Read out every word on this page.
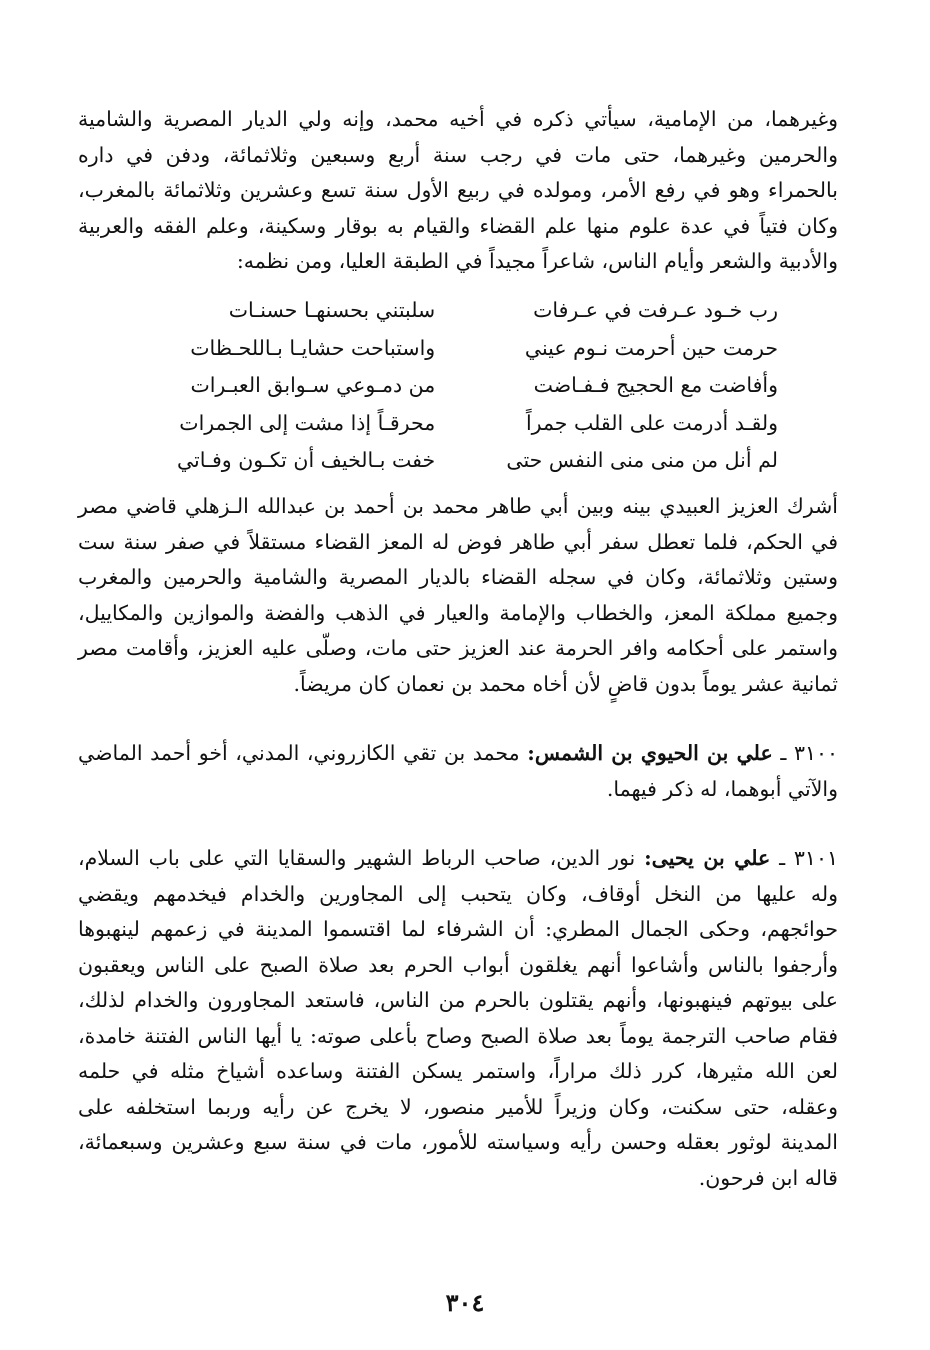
وغيرهما، من الإمامية، سيأتي ذكره في أخيه محمد، وإنه ولي الديار المصرية والشامية والحرمين وغيرهما، حتى مات في رجب سنة أربع وسبعين وثلاثمائة، ودفن في داره بالحمراء وهو في رفع الأمر، ومولده في ربيع الأول سنة تسع وعشرين وثلاثمائة بالمغرب، وكان فتياً في عدة علوم منها علم القضاء والقيام به بوقار وسكينة، وعلم الفقه والعربية والأدبية والشعر وأيام الناس، شاعراً مجيداً في الطبقة العليا، ومن نظمه:

رب خـود عـرفت في عـرفات
سلبتني بحسنهـا حسنـات
حرمت حين أحرمت نـوم عيني
واستباحت حشايـا بـاللحـظات
وأفاضت مع الحجيج فـفـاضت
من دمـوعي سـوابق العبـرات
ولقـد أدرمت على القلب جمراً
محرقـاً إذا مشت إلى الجمرات
لم أنل من منى منى النفس حتى
خفت بـالخيف أن تكـون وفـاتي

أشرك العزيز العبيدي بينه وبين أبي طاهر محمد بن أحمد بن عبدالله الـزهلي قاضي مصر في الحكم، فلما تعطل سفر أبي طاهر فوض له المعز القضاء مستقلاً في صفر سنة ست وستين وثلاثمائة، وكان في سجله القضاء بالديار المصرية والشامية والحرمين والمغرب وجميع مملكة المعز، والخطاب والإمامة والعيار في الذهب والفضة والموازين والمكاييل، واستمر على أحكامه وافر الحرمة عند العزيز حتى مات، وصلّى عليه العزيز، وأقامت مصر ثمانية عشر يوماً بدون قاضٍ لأن أخاه محمد بن نعمان كان مريضاً.

٣١٠٠ ـ علي بن الحيوي بن الشمس: محمد بن تقي الكازروني، المدني، أخو أحمد الماضي والآتي أبوهما، له ذكر فيهما.

٣١٠١ ـ علي بن يحيى: نور الدين، صاحب الرباط الشهير والسقايا التي على باب السلام، وله عليها من النخل أوقاف، وكان يتحبب إلى المجاورين والخدام فيخدمهم ويقضي حوائجهم، وحكى الجمال المطري: أن الشرفاء لما اقتسموا المدينة في زعمهم لينهبوها وأرجفوا بالناس وأشاعوا أنهم يغلقون أبواب الحرم بعد صلاة الصبح على الناس ويعقبون على بيوتهم فينهبونها، وأنهم يقتلون بالحرم من الناس، فاستعد المجاورون والخدام لذلك، فقام صاحب الترجمة يوماً بعد صلاة الصبح وصاح بأعلى صوته: يا أيها الناس الفتنة خامدة، لعن الله مثيرها، كرر ذلك مراراً، واستمر يسكن الفتنة وساعده أشياخ مثله في حلمه وعقله، حتى سكنت، وكان وزيراً للأمير منصور، لا يخرج عن رأيه وربما استخلفه على المدينة لوثور بعقله وحسن رأيه وسياسته للأمور، مات في سنة سبع وعشرين وسبعمائة، قاله ابن فرحون.

٣٠٤
